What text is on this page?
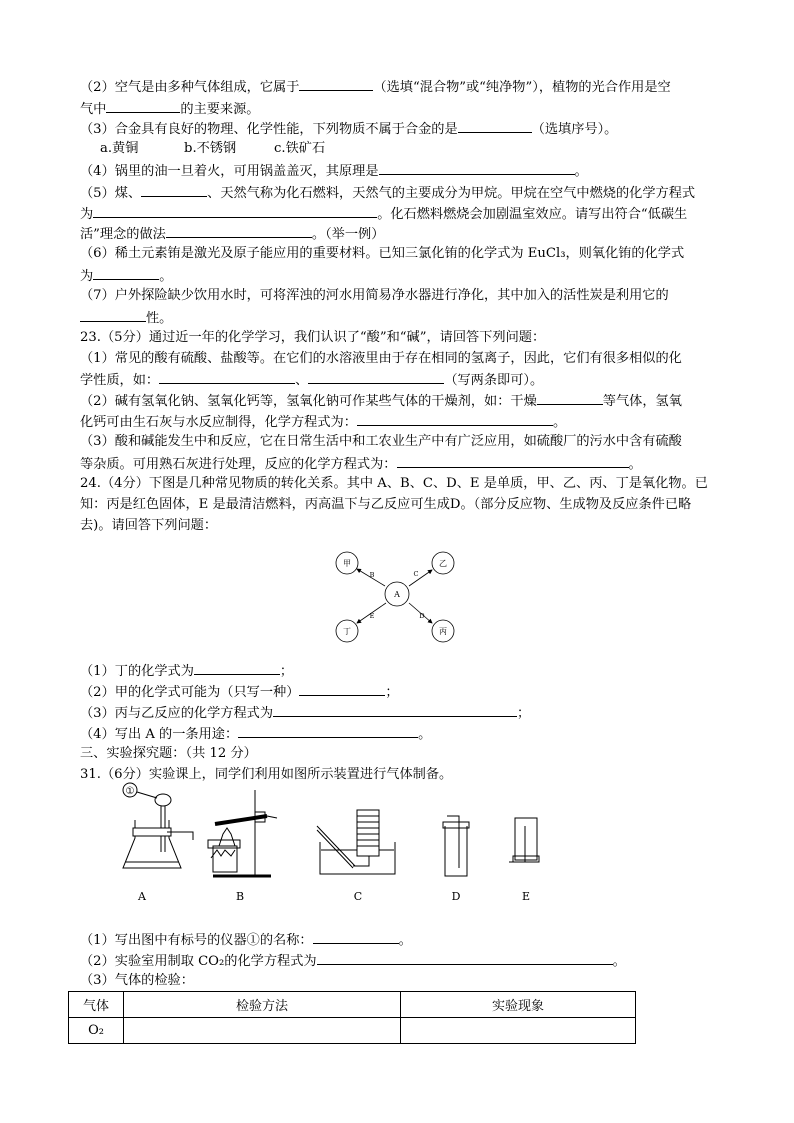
（2）空气是由多种气体组成，它属于	（选填“混合物”或“纯净物”），植物的光合作用是空
气中	的主要来源。
（3）合金具有良好的物理、化学性能，下列物质不属于合金的是	（选填序号）。
a.黄铜	b.不锈钢	c.铁矿石
（4）锅里的油一旦着火，可用锅盖盖灭，其原理是	。
（5）煤、	、天然气称为化石燃料，天然气的主要成分为甲烷。甲烷在空气中燃烧的化学方程式
为	。化石燃料燃烧会加剧温室效应。请写出符合“低碳生
活”理念的做法	。（举一例）
（6）稀土元素铕是激光及原子能应用的重要材料。已知三氯化铕的化学式为 EuCl₃，则氧化铕的化学式
为	。
（7）户外探险缺少饮用水时，可将浑浊的河水用简易净水器进行净化，其中加入的活性炭是利用它的
性。
23.（5分）通过近一年的化学学习，我们认识了“酸”和“碱”，请回答下列问题：
（1）常见的酸有硫酸、盐酸等。在它们的水溶液里由于存在相同的氢离子，因此，它们有很多相似的化
学性质，如：	、	（写两条即可）。
（2）碱有氢氧化钠、氢氧化钙等，氢氧化钠可作某些气体的干燥剂，如：干燥	等气体，氢氧
化钙可由生石灰与水反应制得，化学方程式为：	。
（3）酸和碱能发生中和反应，它在日常生活中和工农业生产中有广泛应用，如硫酸厂的污水中含有硫酸
等杂质。可用熟石灰进行处理，反应的化学方程式为：	。
24.（4分）下图是几种常见物质的转化关系。其中 A、B、C、D、E 是单质，甲、乙、丙、丁是氧化物。已
知：丙是红色固体，E 是最清洁燃料，丙高温下与乙反应可生成D。（部分反应物、生成物及反应条件已略
去)。请回答下列问题：
A
甲	乙
丁	丙
B	C
E	D
（1）丁的化学式为	；
（2）甲的化学式可能为（只写一种）	；
（3）丙与乙反应的化学方程式为	；
（4）写出 A 的一条用途：	。
三、实验探究题：（共 12 分）
31.（6分）实验课上，同学们利用如图所示装置进行气体制备。
①
A	B	C	D	E
（1）写出图中有标号的仪器①的名称：	。
（2）实验室用制取 CO₂的化学方程式为	。
（3）气体的检验：
气体	检验方法	实验现象
O₂		
